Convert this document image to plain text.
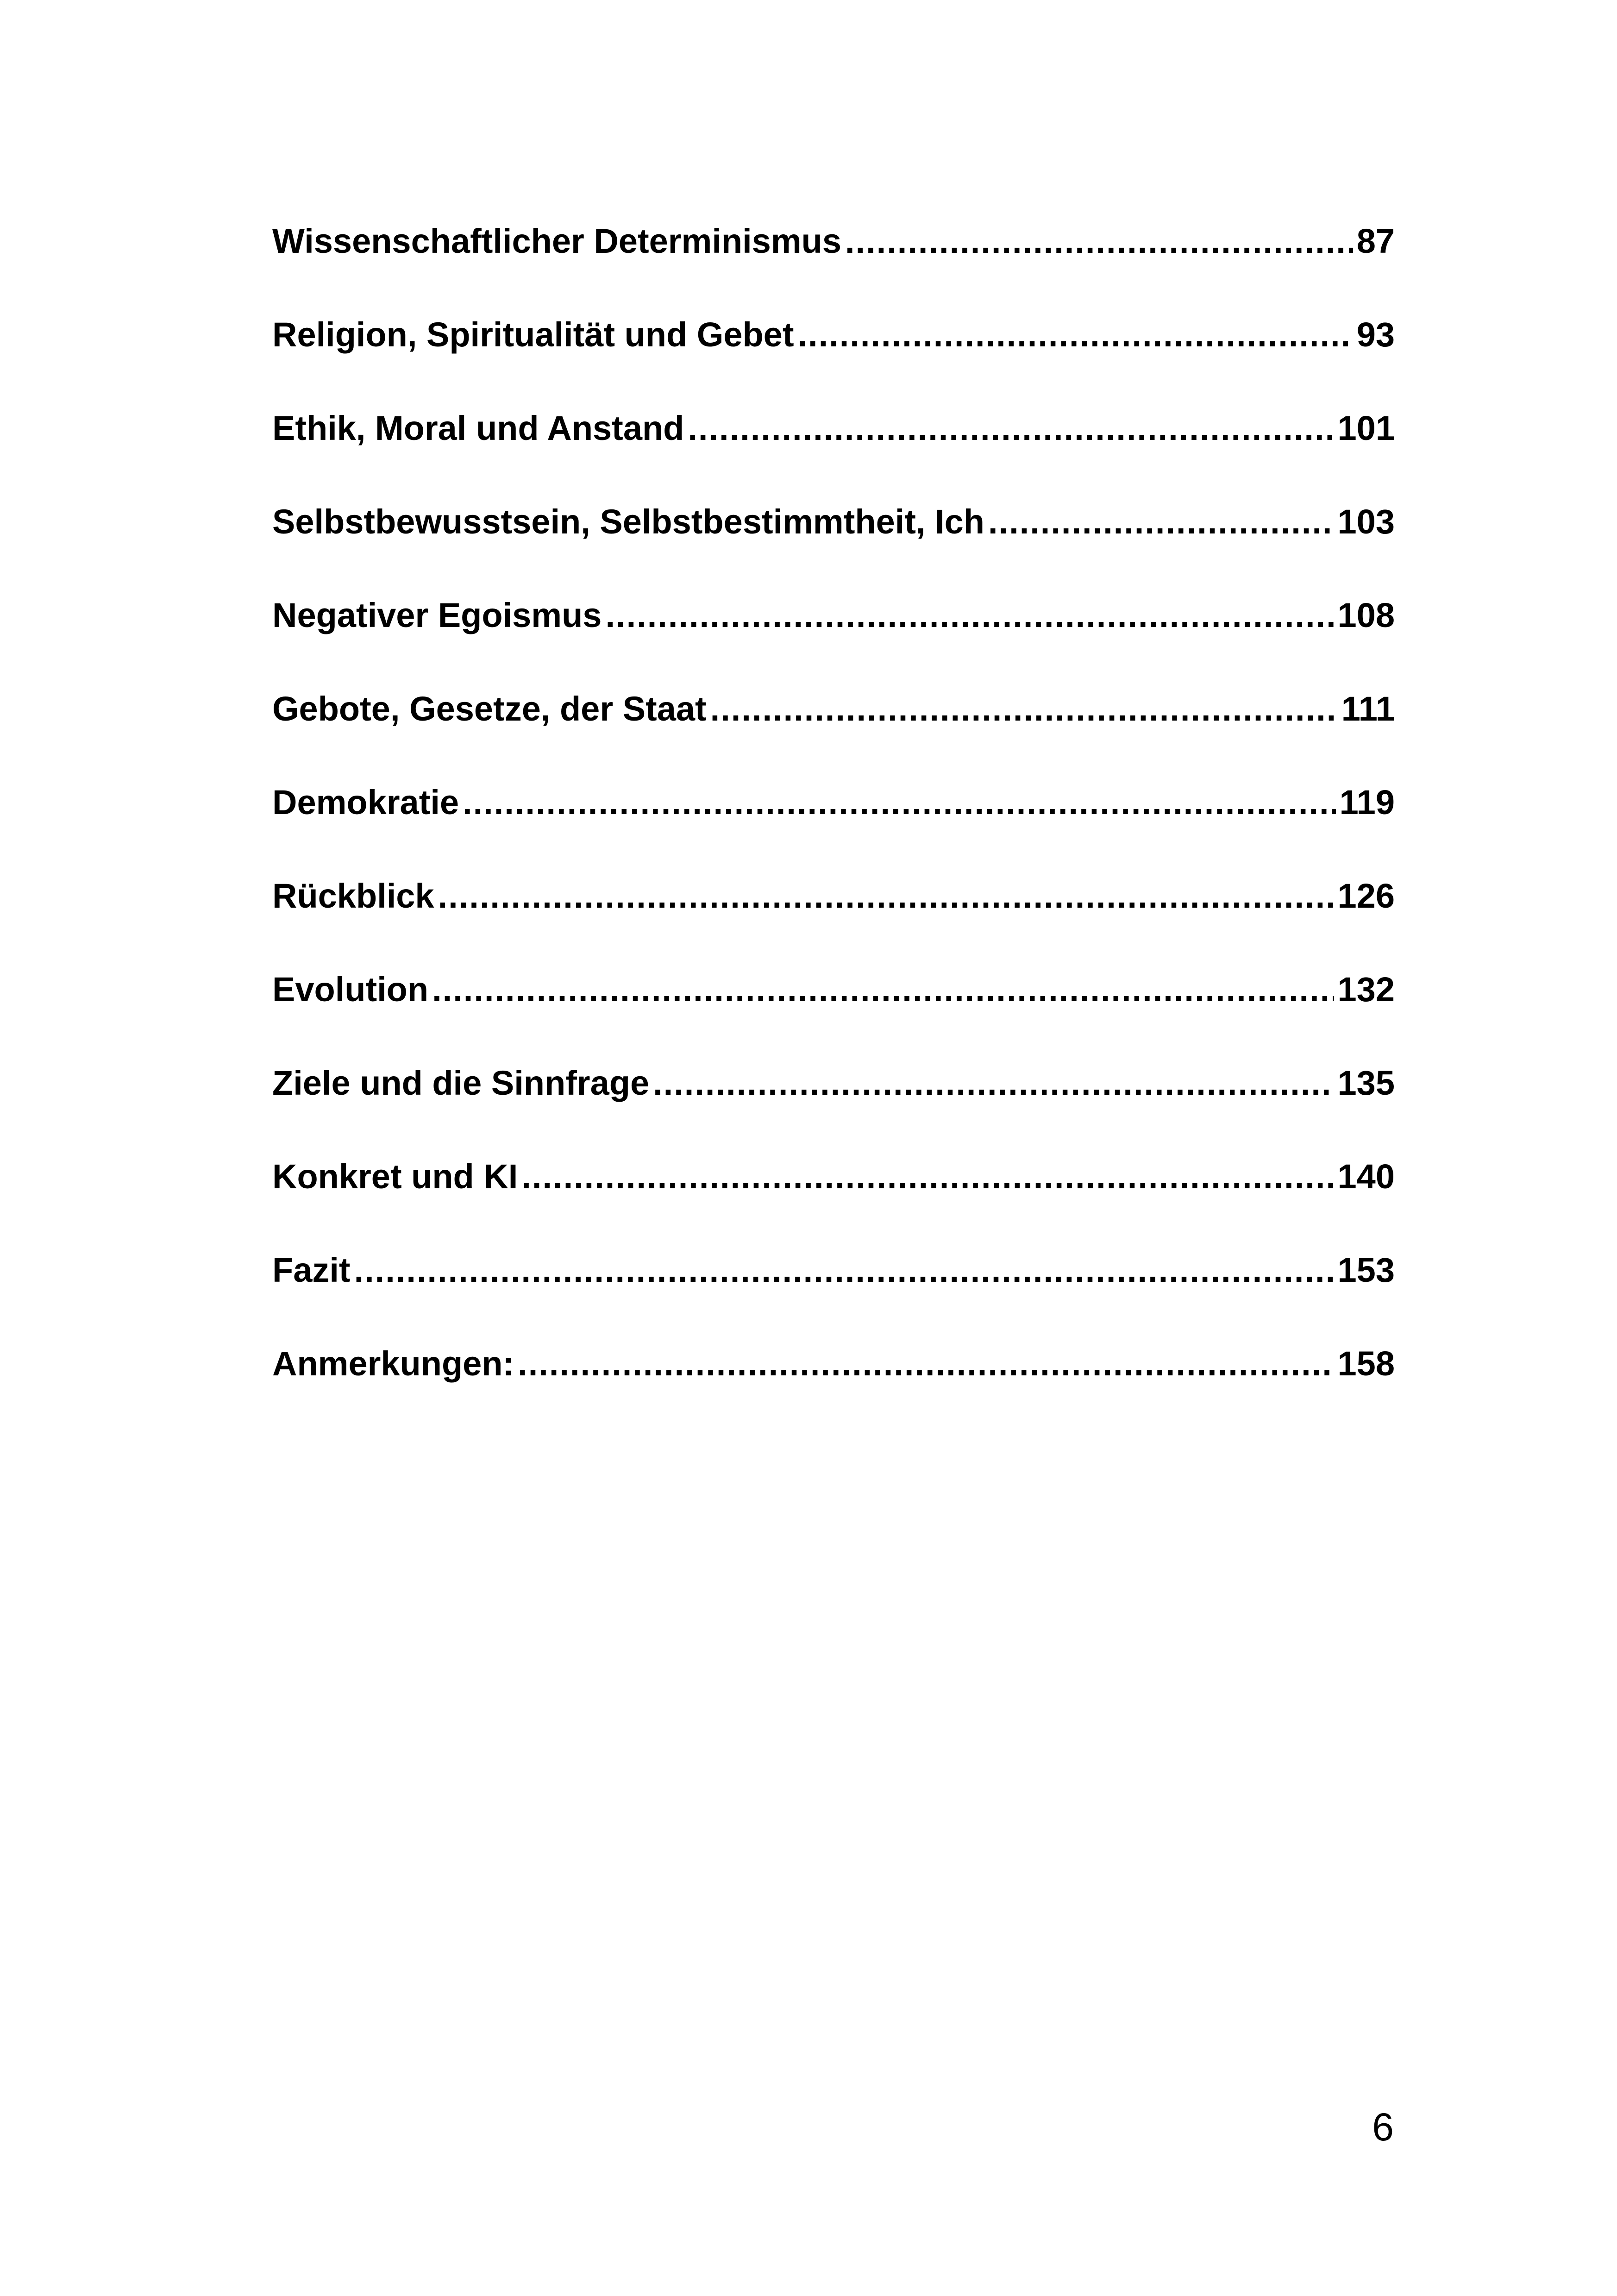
Wissenschaftlicher Determinismus .....	87
Religion, Spiritualität und Gebet .....	93
Ethik, Moral und Anstand .....	101
Selbstbewusstsein, Selbstbestimmtheit, Ich .....	103
Negativer Egoismus .....	108
Gebote, Gesetze, der Staat .....	111
Demokratie .....	119
Rückblick .....	126
Evolution .....	132
Ziele und die Sinnfrage .....	135
Konkret und KI .....	140
Fazit .....	153
Anmerkungen: .....	158
6
